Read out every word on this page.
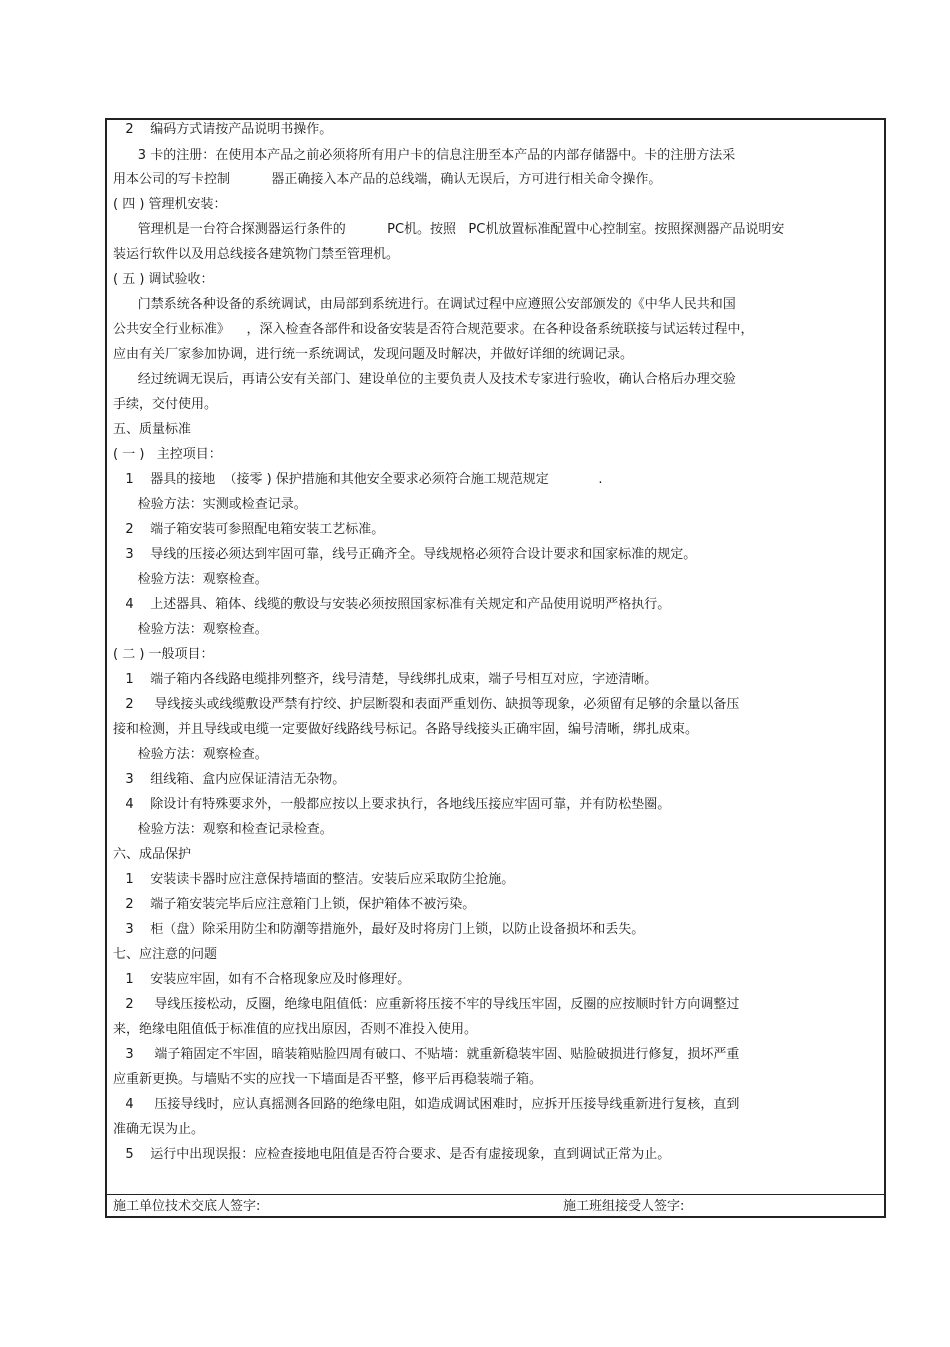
2    编码方式请按产品说明书操作。
3 卡的注册：在使用本产品之前必须将所有用户卡的信息注册至本产品的内部存储器中。卡的注册方法采
用本公司的写卡控制          器正确接入本产品的总线端，确认无误后，方可进行相关命令操作。
( 四 ) 管理机安装：
管理机是一台符合探测器运行条件的          PC机。按照   PC机放置标准配置中心控制室。按照探测器产品说明安
装运行软件以及用总线接各建筑物门禁至管理机。
( 五 ) 调试验收：
门禁系统各种设备的系统调试，由局部到系统进行。在调试过程中应遵照公安部颁发的《中华人民共和国
公共安全行业标准》    ，深入检查各部件和设备安装是否符合规范要求。在各种设备系统联接与试运转过程中，
应由有关厂家参加协调，进行统一系统调试，发现问题及时解决，并做好详细的统调记录。
经过统调无误后，再请公安有关部门、建设单位的主要负责人及技术专家进行验收，确认合格后办理交验
手续，交付使用。
五、质量标准
( 一 )   主控项目：
1    器具的接地  （接零 ) 保护措施和其他安全要求必须符合施工规范规定            .
检验方法：实测或检查记录。
2    端子箱安装可参照配电箱安装工艺标准。
3    导线的压接必须达到牢固可靠，线号正确齐全。导线规格必须符合设计要求和国家标准的规定。
检验方法：观察检查。
4    上述器具、箱体、线缆的敷设与安装必须按照国家标准有关规定和产品使用说明严格执行。
检验方法：观察检查。
( 二 ) 一般项目：
1    端子箱内各线路电缆排列整齐，线号清楚，导线绑扎成束，端子号相互对应，字迹清晰。
2     导线接头或线缆敷设严禁有拧绞、护层断裂和表面严重划伤、缺损等现象，必须留有足够的余量以备压
接和检测，并且导线或电缆一定要做好线路线号标记。各路导线接头正确牢固，编号清晰，绑扎成束。
检验方法：观察检查。
3    组线箱、盒内应保证清洁无杂物。
4    除设计有特殊要求外，一般都应按以上要求执行，各地线压接应牢固可靠，并有防松垫圈。
检验方法：观察和检查记录检查。
六、成品保护
1    安装读卡器时应注意保持墙面的整洁。安装后应采取防尘抢施。
2    端子箱安装完毕后应注意箱门上锁，保护箱体不被污染。
3    柜（盘）除采用防尘和防潮等措施外，最好及时将房门上锁，以防止设备损坏和丢失。
七、应注意的问题
1    安装应牢固，如有不合格现象应及时修理好。
2     导线压接松动，反圈，绝缘电阻值低：应重新将压接不牢的导线压牢固，反圈的应按顺时针方向调整过
来，绝缘电阻值低于标准值的应找出原因，否则不准投入使用。
3     端子箱固定不牢固，暗装箱贴脸四周有破口、不贴墙：就重新稳装牢固、贴脸破损进行修复，损坏严重
应重新更换。与墙贴不实的应找一下墙面是否平整，修平后再稳装端子箱。
4     压接导线时，应认真摇测各回路的绝缘电阻，如造成调试困难时，应拆开压接导线重新进行复核，直到
准确无误为止。
5    运行中出现误报：应检查接地电阻值是否符合要求、是否有虚接现象，直到调试正常为止。
施工单位技术交底人签字:	施工班组接受人签字:
